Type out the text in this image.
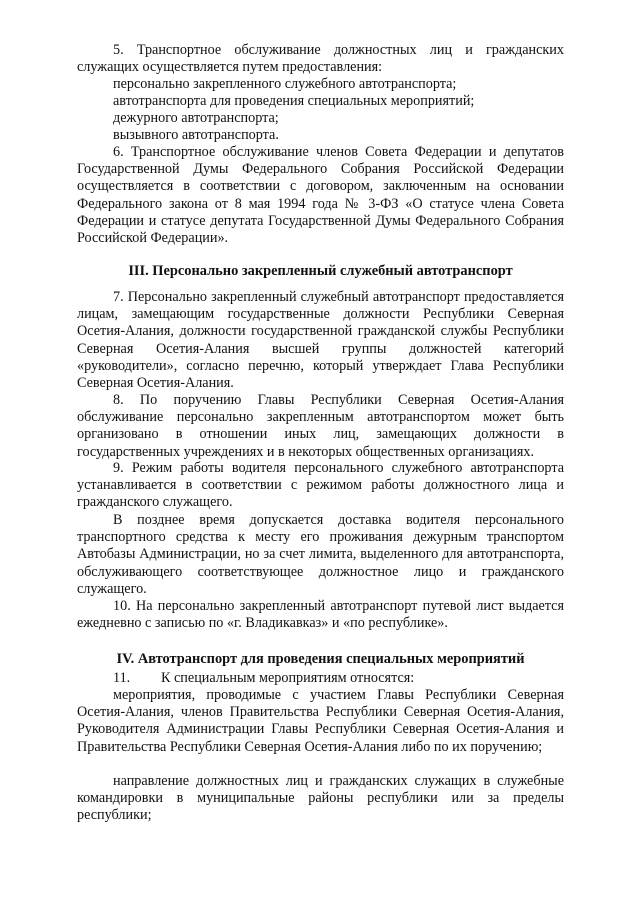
5. Транспортное обслуживание должностных лиц и гражданских служащих осуществляется путем предоставления:

персонально закрепленного служебного автотранспорта;
автотранспорта для проведения специальных мероприятий;
дежурного автотранспорта;
вызывного автотранспорта.

6. Транспортное обслуживание членов Совета Федерации и депутатов Государственной Думы Федерального Собрания Российской Федерации осуществляется в соответствии с договором, заключенным на основании Федерального закона от 8 мая 1994 года № 3-ФЗ «О статусе члена Совета Федерации и статусе депутата Государственной Думы Федерального Собрания Российской Федерации».

III. Персонально закрепленный служебный автотранспорт

7. Персонально закрепленный служебный автотранспорт предоставляется лицам, замещающим государственные должности Республики Северная Осетия-Алания, должности государственной гражданской службы Республики Северная Осетия-Алания высшей группы должностей категорий «руководители», согласно перечню, который утверждает Глава Республики Северная Осетия-Алания.

8. По поручению Главы Республики Северная Осетия-Алания обслуживание персонально закрепленным автотранспортом может быть организовано в отношении иных лиц, замещающих должности в государственных учреждениях и в некоторых общественных организациях.

9. Режим работы водителя персонального служебного автотранспорта устанавливается в соответствии с режимом работы должностного лица и гражданского служащего.

В позднее время допускается доставка водителя персонального транспортного средства к месту его проживания дежурным транспортом Автобазы Администрации, но за счет лимита, выделенного для автотранспорта, обслуживающего соответствующее должностное лицо и гражданского служащего.

10. На персонально закрепленный автотранспорт путевой лист выдается ежедневно с записью по «г. Владикавказ» и «по республике».

IV. Автотранспорт для проведения специальных мероприятий
11. К специальным мероприятиям относятся:

мероприятия, проводимые с участием Главы Республики Северная Осетия-Алания, членов Правительства Республики Северная Осетия-Алания, Руководителя Администрации Главы Республики Северная Осетия-Алания и Правительства Республики Северная Осетия-Алания либо по их поручению;

направление должностных лиц и гражданских служащих в служебные командировки в муниципальные районы республики или за пределы республики;
